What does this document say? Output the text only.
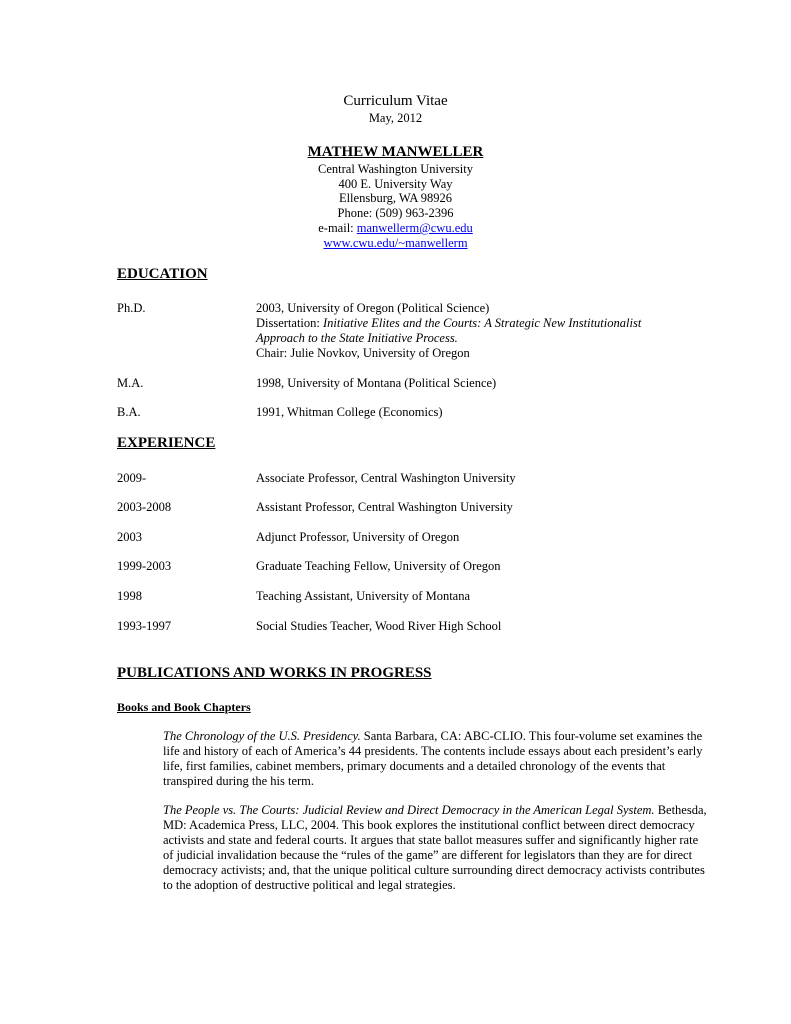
Curriculum Vitae
May, 2012
MATHEW MANWELLER
Central Washington University
400 E. University Way
Ellensburg, WA 98926
Phone: (509) 963-2396
e-mail: manwellerm@cwu.edu
www.cwu.edu/~manwellerm
EDUCATION
Ph.D.	2003, University of Oregon (Political Science)
Dissertation: Initiative Elites and the Courts: A Strategic New Institutionalist
Approach to the State Initiative Process.
Chair: Julie Novkov, University of Oregon
M.A.	1998, University of Montana (Political Science)
B.A.	1991, Whitman College (Economics)
EXPERIENCE
2009-	Associate Professor, Central Washington University
2003-2008	Assistant Professor, Central Washington University
2003	Adjunct Professor, University of Oregon
1999-2003	Graduate Teaching Fellow, University of Oregon
1998	Teaching Assistant, University of Montana
1993-1997	Social Studies Teacher, Wood River High School
PUBLICATIONS AND WORKS IN PROGRESS
Books and Book Chapters
The Chronology of the U.S. Presidency. Santa Barbara, CA: ABC-CLIO. This four-volume set examines the life and history of each of America’s 44 presidents. The contents include essays about each president’s early life, first families, cabinet members, primary documents and a detailed chronology of the events that transpired during the his term.
The People vs. The Courts: Judicial Review and Direct Democracy in the American Legal System. Bethesda, MD: Academica Press, LLC, 2004. This book explores the institutional conflict between direct democracy activists and state and federal courts. It argues that state ballot measures suffer and significantly higher rate of judicial invalidation because the “rules of the game” are different for legislators than they are for direct democracy activists; and, that the unique political culture surrounding direct democracy activists contributes to the adoption of destructive political and legal strategies.
